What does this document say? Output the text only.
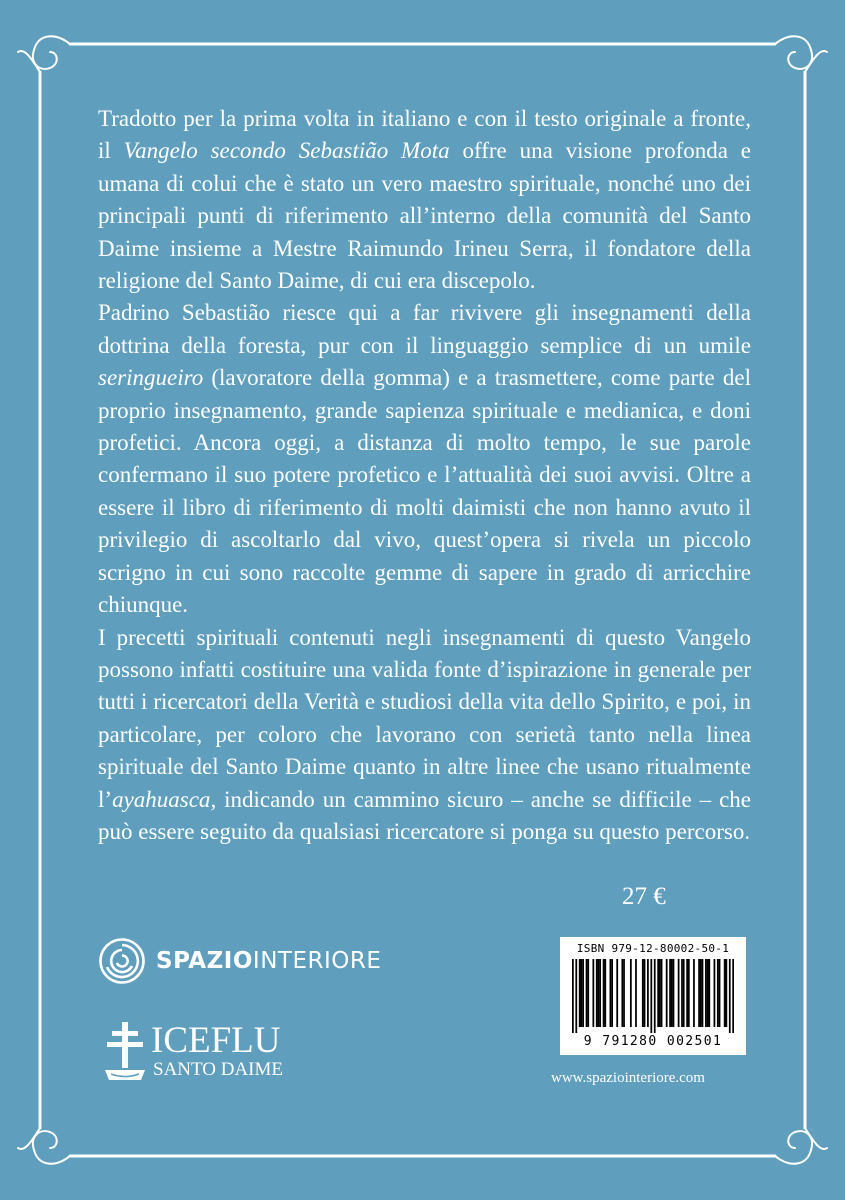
Tradotto per la prima volta in italiano e con il testo originale a fronte, il Vangelo secondo Sebastião Mota offre una visione profonda e umana di colui che è stato un vero maestro spirituale, nonché uno dei principali punti di riferimento all’interno della comunità del Santo Daime insieme a Mestre Raimundo Irineu Serra, il fondatore della religione del Santo Daime, di cui era discepolo.

Padrino Sebastião riesce qui a far rivivere gli insegnamenti della dottrina della foresta, pur con il linguaggio semplice di un umile seringueiro (lavoratore della gomma) e a trasmettere, come parte del proprio insegnamento, grande sapienza spirituale e medianica, e doni profetici. Ancora oggi, a distanza di molto tempo, le sue parole confermano il suo potere profetico e l’attualità dei suoi avvisi. Oltre a essere il libro di riferimento di molti daimisti che non hanno avuto il privilegio di ascoltarlo dal vivo, quest’opera si rivela un piccolo scrigno in cui sono raccolte gemme di sapere in grado di arricchire chiunque.

I precetti spirituali contenuti negli insegnamenti di questo Vangelo possono infatti costituire una valida fonte d’ispirazione in generale per tutti i ricercatori della Verità e studiosi della vita dello Spirito, e poi, in particolare, per coloro che lavorano con serietà tanto nella linea spirituale del Santo Daime quanto in altre linee che usano ritualmente l’ayahuasca, indicando un cammino sicuro – anche se difficile – che può essere seguito da qualsiasi ricercatore si ponga su questo percorso.

27 €
SPAZIOINTERIORE
ICEFLU
SANTO DAIME
ISBN 979-12-80002-50-1
9 791280 002501
www.spaziointeriore.com
